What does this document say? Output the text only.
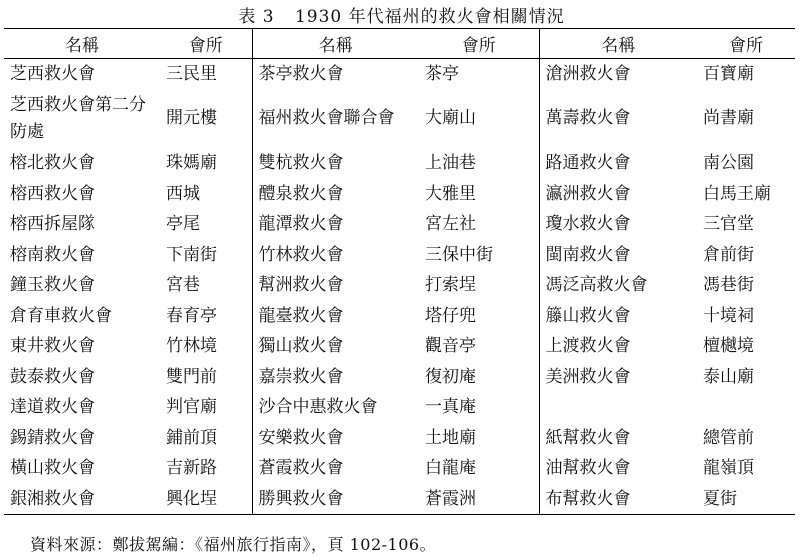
表 3 1930 年代福州的救火會相關情況
名稱	會所	名稱	會所	名稱	會所
芝西救火會	三民里	茶亭救火會	茶亭	滄洲救火會	百寶廟
芝西救火會第二分防處	開元樓	福州救火會聯合會	大廟山	萬壽救火會	尚書廟
榕北救火會	珠媽廟	雙杭救火會	上油巷	路通救火會	南公園
榕西救火會	西城	醴泉救火會	大雅里	瀛洲救火會	白馬王廟
榕西拆屋隊	亭尾	龍潭救火會	宮左社	瓊水救火會	三官堂
榕南救火會	下南街	竹林救火會	三保中街	閩南救火會	倉前街
鐘玉救火會	宮巷	幫洲救火會	打索埕	馮泛高救火會	馮巷街
倉育車救火會	春育亭	龍臺救火會	塔仔兜	籐山救火會	十境祠
東井救火會	竹林境	獨山救火會	觀音亭	上渡救火會	檀樾境
鼓泰救火會	雙門前	嘉崇救火會	復初庵	美洲救火會	泰山廟
達道救火會	判官廟	沙合中惠救火會	一真庵		
錫錆救火會	鋪前頂	安樂救火會	土地廟	紙幫救火會	總管前
橫山救火會	吉新路	蒼霞救火會	白龍庵	油幫救火會	龍嶺頂
銀湘救火會	興化埕	勝興救火會	蒼霞洲	布幫救火會	夏街
資料來源：鄭拔駕編：《福州旅行指南》，頁 102-106。
